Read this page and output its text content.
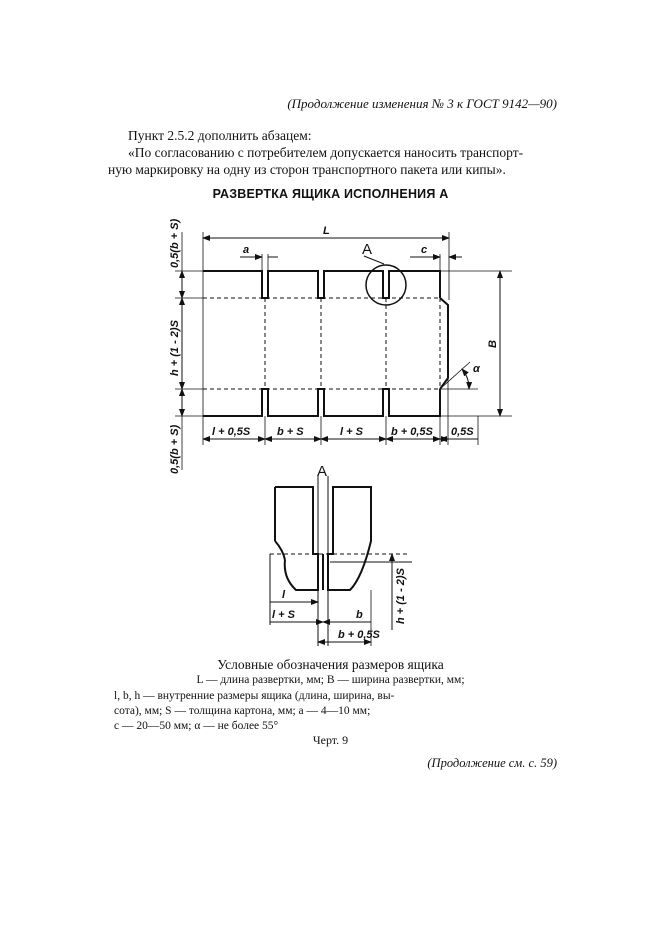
(Продолжение изменения № 3 к ГОСТ 9142—90)
Пункт 2.5.2 дополнить абзацем:
«По согласованию с потребителем допускается наносить транспорт-
ную маркировку на одну из сторон транспортного пакета или кипы».
РАЗВЕРТКА ЯЩИКА ИСПОЛНЕНИЯ А
L
a	c
A
B
α
0,5(b + S)
h + (1 - 2)S
0,5(b + S)	l + 0,5S b + S	l + S	b + 0,5S 0,5S
A
l
l + S	b
b + 0,5S
h + (1 - 2)S
Условные обозначения размеров ящика
L — длина развертки, мм; B — ширина развертки, мм;
l, b, h — внутренние размеры ящика (длина, ширина, вы-
сота), мм; S — толщина картона, мм; a — 4—10 мм;
c — 20—50 мм; α — не более 55°
Черт. 9
(Продолжение см. с. 59)
